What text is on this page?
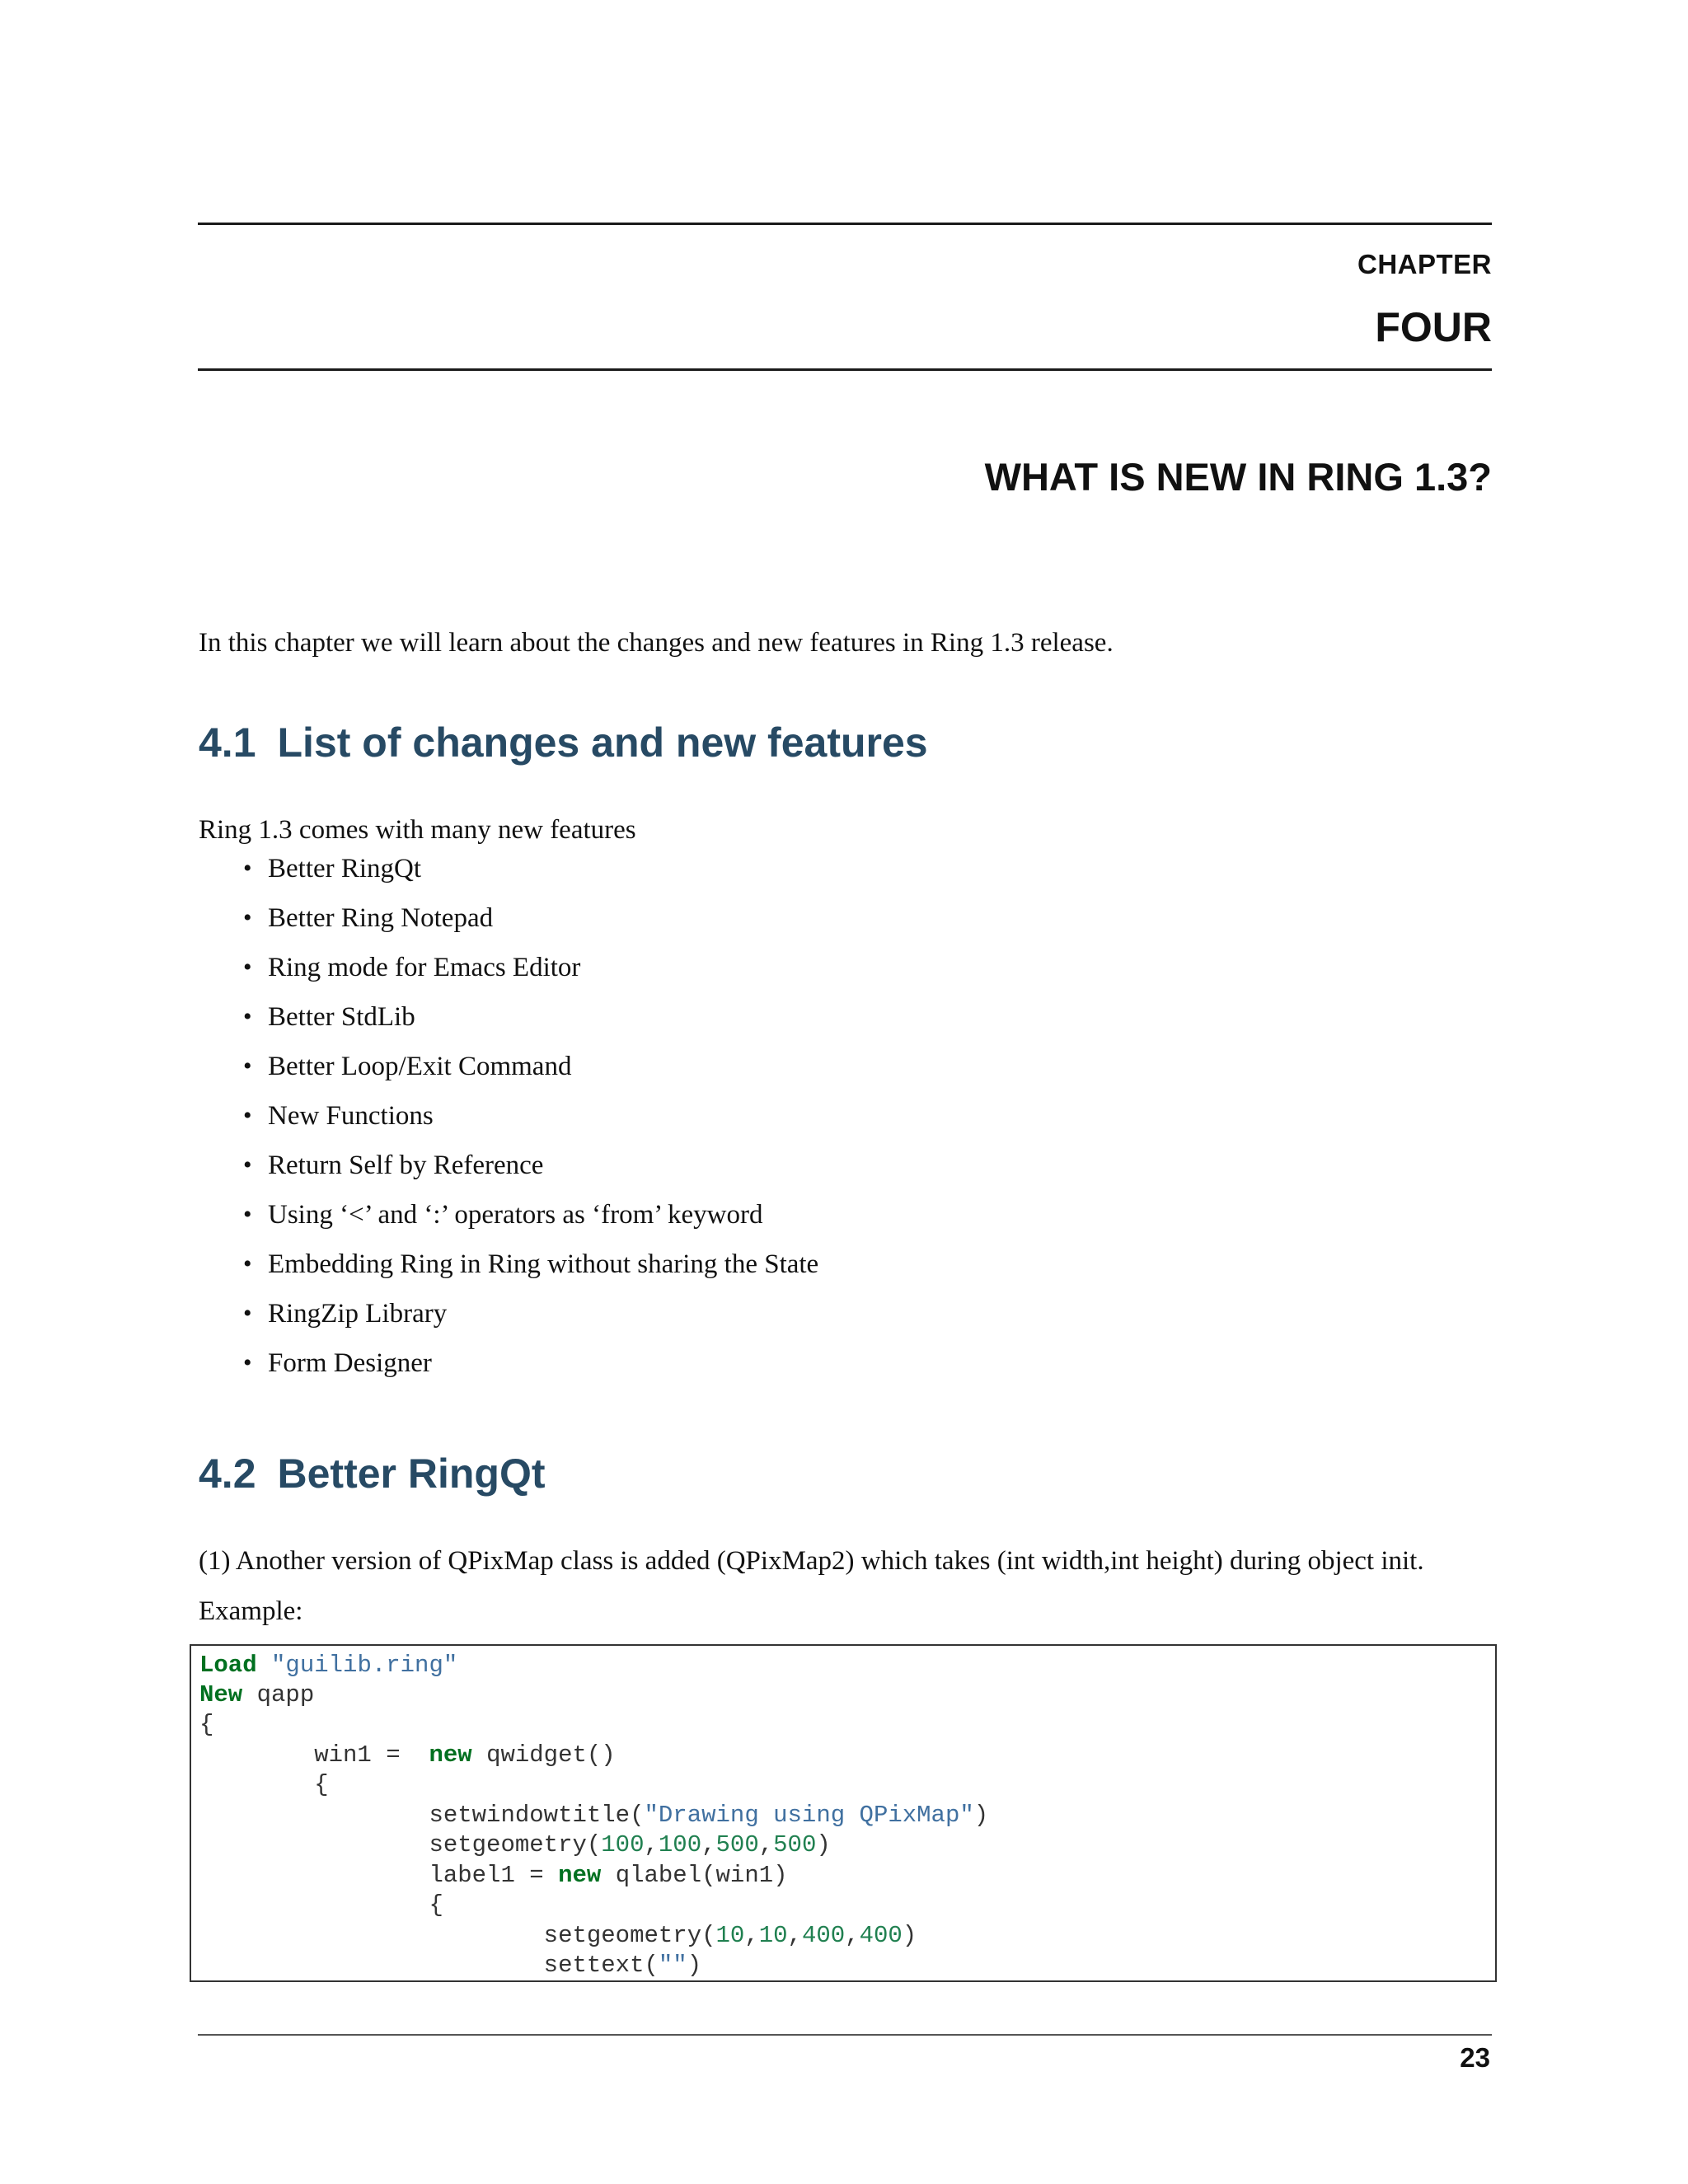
CHAPTER
FOUR
WHAT IS NEW IN RING 1.3?
In this chapter we will learn about the changes and new features in Ring 1.3 release.
4.1 List of changes and new features
Ring 1.3 comes with many new features
• Better RingQt
• Better Ring Notepad
• Ring mode for Emacs Editor
• Better StdLib
• Better Loop/Exit Command
• New Functions
• Return Self by Reference
• Using ‘<’ and ‘:’ operators as ‘from’ keyword
• Embedding Ring in Ring without sharing the State
• RingZip Library
• Form Designer
4.2 Better RingQt
(1) Another version of QPixMap class is added (QPixMap2) which takes (int width,int height) during object init.
Example:
Load "guilib.ring"
New qapp
{
win1 =  new qwidget()
{
setwindowtitle("Drawing using QPixMap")
setgeometry(100,100,500,500)
label1 = new qlabel(win1)
{
setgeometry(10,10,400,400)
settext("")
23
